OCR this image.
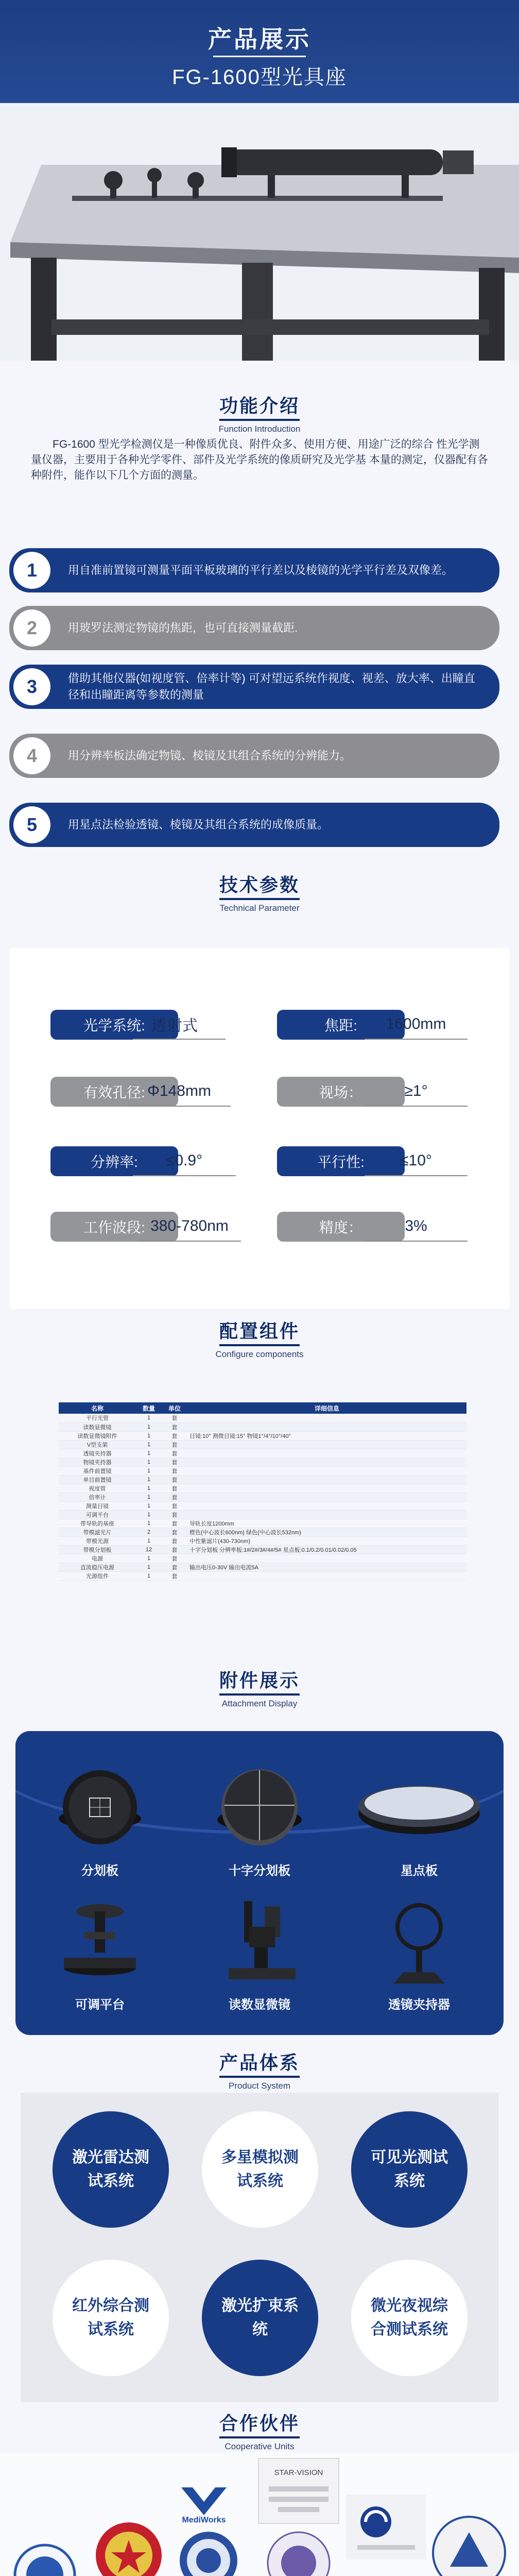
产品展示
FG-1600型光具座
功能介绍
Function Introduction
FG-1600 型光学检测仪是一种像质优良、附件众多、使用方便、用途广泛的综合 性光学测量仪器，主要用于各种光学零件、部件及光学系统的像质研究及光学基 本量的测定，仪器配有各种附件，能作以下几个方面的测量。
1	用自准前置镜可测量平面平板玻璃的平行差以及棱镜的光学平行差及双像差。
2	用玻罗法测定物镜的焦距，也可直接测量截距.
3	借助其他仪器(如视度管、倍率计等) 可对望远系统作视度、视差、放大率、出瞳直径和出瞳距离等参数的测量
4	用分辨率板法确定物镜、棱镜及其组合系统的分辨能力。
5	用星点法检验透镜、棱镜及其组合系统的成像质量。
技术参数
Technical Parameter
光学系统: 透射式	焦距:	1600mm
有效孔径: Φ148mm	视场：	≥1°
分辨率:	≤0.9°	平行性:	≤10°
工作波段: 380-780nm	精度：	3%
配置组件
Configure components
名称	数量	单位	详细信息
平行光管	1	套	
读数显微镜	1	套	
读数显微镜附件	1	套	目镜:10° 测微目镜:15° 物镜1°/4°/10°/40°
V型支架	1	套	
透镜夹持器	1	套	
物镜夹持器	1	套	
基件前置镜	1	套	
单目前置镜	1	套	
视度管	1	套	
倍率计	1	套	
测量目镜	1	套	
可调平台	1	套	
带导轨的基座	1	套	导轨长度1200mm
带模滤光片	2	套	橙色(中心波长600nm) 绿色(中心波长532nm)
带模光源	1	套	中性紫滤片(430-730nm)
带模分划板	12	套	十字分划板 分辨率板:1#/2#/3#/4#/5# 星点板:0.1/0.2/0.01/0.02/0.05
电源	1	套	
直流稳压电源	1	套	输出电压0-30V 输出电流5A
光源组件	1	套	
附件展示
Attachment Display
分划板	十字分划板	星点板
可调平台	读数显微镜	透镜夹持器
产品体系
Product System
激光雷达测试系统
多星模拟测试系统
可见光测试系统
红外综合测试系统
激光扩束系统
微光夜视综合测试系统
合作伙伴
Cooperative Units
MediWorks
STAR-VISION
